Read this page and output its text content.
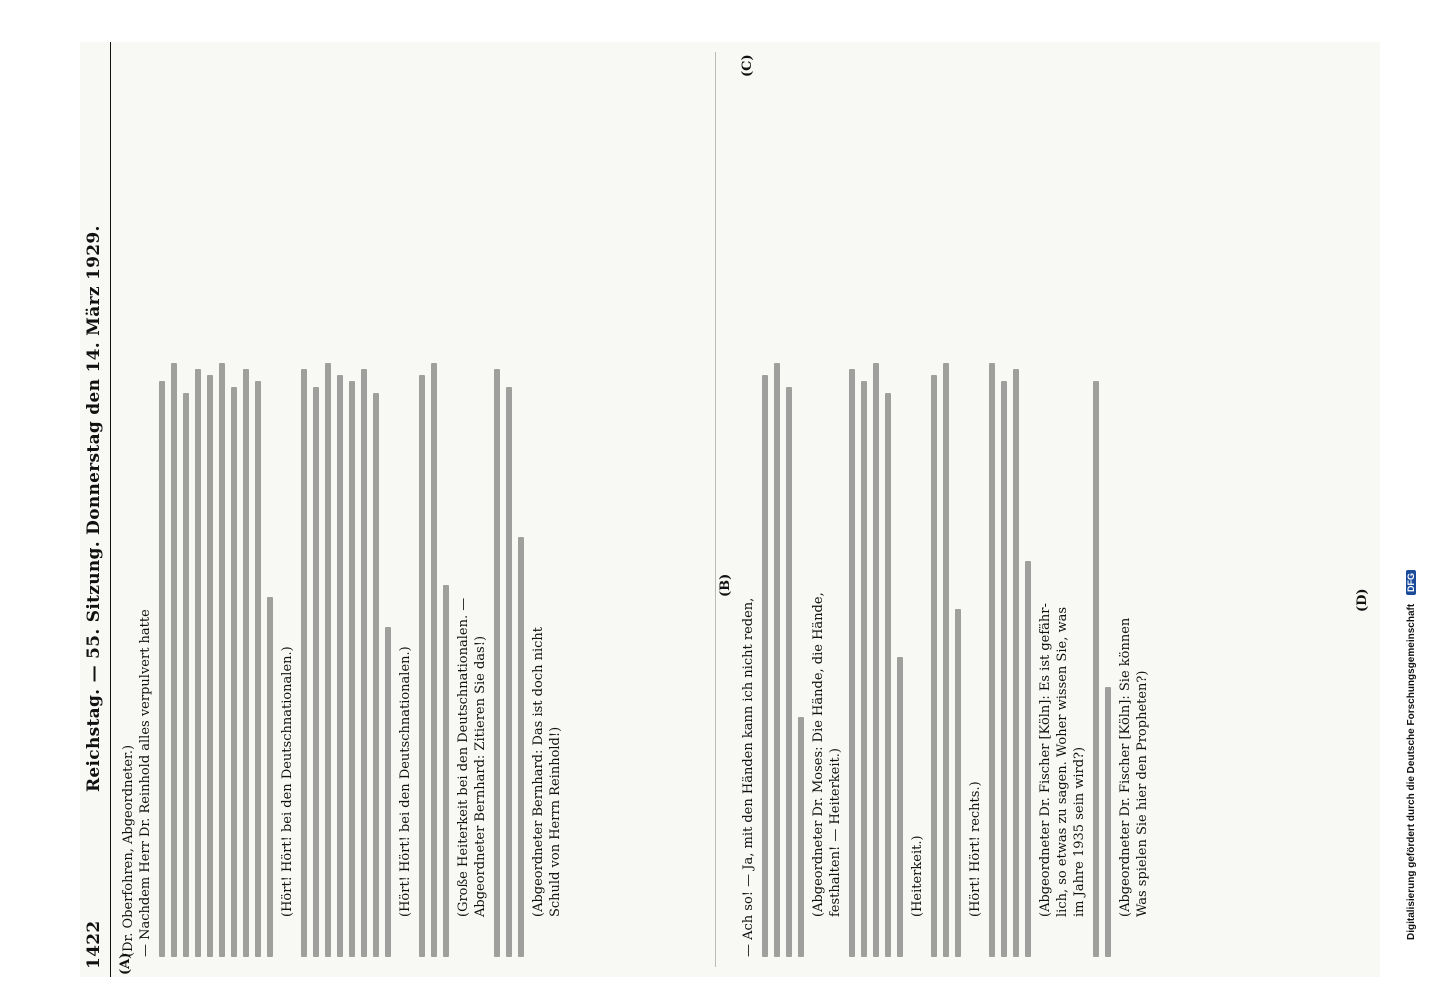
1422
Reichstag. — 55. Sitzung. Donnerstag den 14. März 1929.
(A)
(B)
(C)
(D)
(Dr. Oberfohren, Abgeordneter.) — Nachdem Herr Dr. Reinhold alles verpulvert hatte	(Hört! Hört! bei den Deutschnationalen.)	(Hört! Hört! bei den Deutschnationalen.)	(Große Heiterkeit bei den Deutschnationalen. — Abgeordneter Bernhard: Zitieren Sie das!)	(Abgeordneter Bernhard: Das ist doch nicht Schuld von Herrn Reinhold!)	— Ach so! — Ja, mit den Händen kann ich nicht reden,	(Abgeordneter Dr. Moses: Die Hände, die Hände, festhalten! — Heiterkeit.)	(Heiterkeit.)	(Hört! Hört! rechts.)	(Abgeordneter Dr. Fischer [Köln]: Es ist gefähr- lich, so etwas zu sagen. Woher wissen Sie, was im Jahre 1935 sein wird?) (Abgeordneter Dr. Fischer [Köln]: Sie können Was spielen Sie hier den Propheten?)	Digitalisierung gefördert durch die Deutsche Forschungsgemeinschaft DFG
